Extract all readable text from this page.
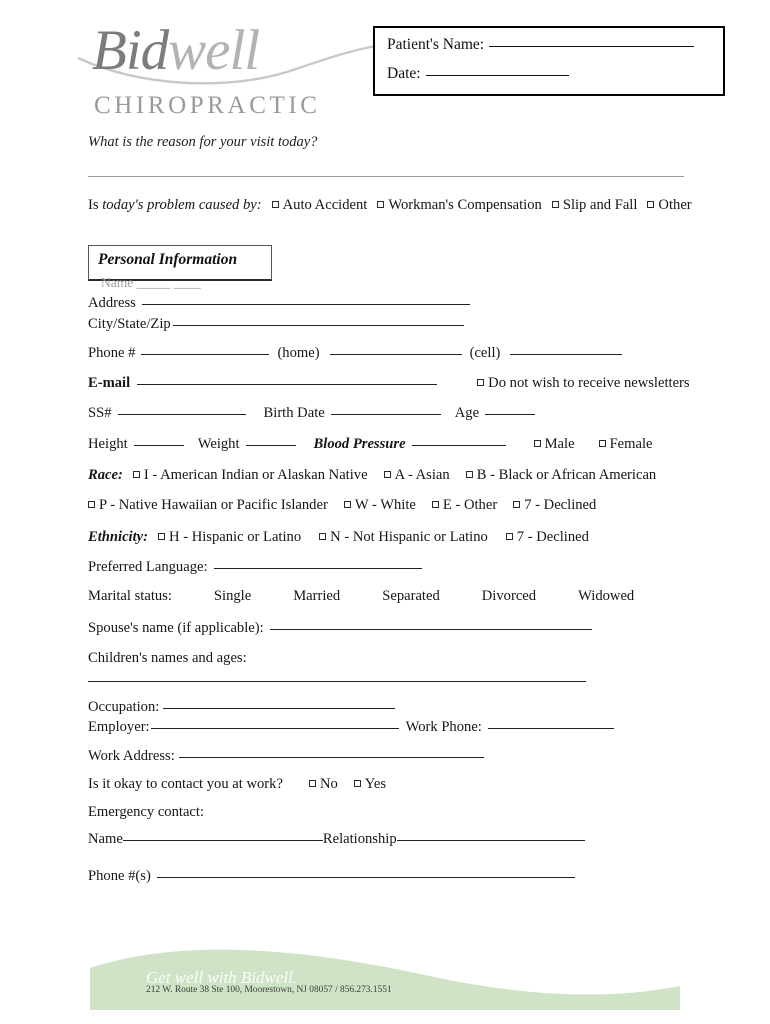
Bidwell
CHIROPRACTIC
Patient's Name:
Date:
What is the reason for your visit today?
Is today's problem caused by: Auto Accident Workman's Compensation Slip and Fall Other
Personal Information
Name _____ ____
Address
City/State/Zip
Phone #	(home)	(cell)
E-mail	Do not wish to receive newsletters
SS#	Birth Date	Age
Height	Weight	Blood Pressure	Male Female
Race: I - American Indian or Alaskan Native A - Asian B - Black or African American
P - Native Hawaiian or Pacific Islander W - White E - Other 7 - Declined
Ethnicity: H - Hispanic or Latino N - Not Hispanic or Latino 7 - Declined
Preferred Language:
Marital status:	Single	Married	Separated	Divorced	Widowed
Spouse's name (if applicable):
Children's names and ages:
Occupation:
Employer:	Work Phone:
Work Address:
Is it okay to contact you at work?	No Yes
Emergency contact:
Name	Relationship
Phone #(s)
Get well with Bidwell.
212 W. Route 38 Ste 100, Moorestown, NJ 08057 / 856.273.1551
